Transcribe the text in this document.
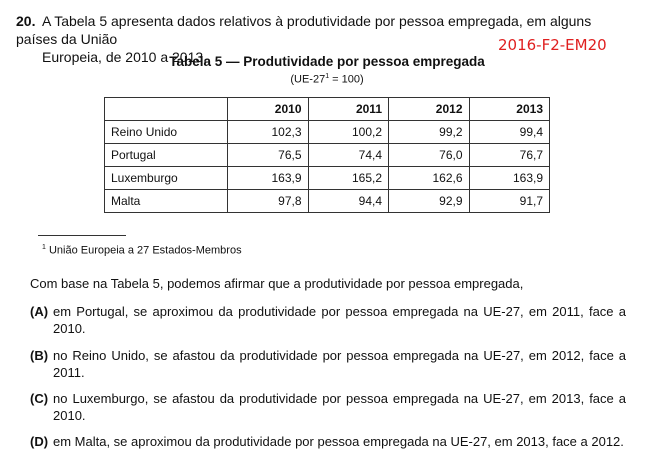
20. A Tabela 5 apresenta dados relativos à produtividade por pessoa empregada, em alguns países da União
Europeia, de 2010 a 2013.
2016-F2-EM20
Tabela 5 — Produtividade por pessoa empregada
$(UE-27^1 = 100)$
	2010	2011	2012	2013
Reino Unido	102,3	100,2	99,2	99,4
Portugal	76,5	74,4	76,0	76,7
Luxemburgo	163,9	165,2	162,6	163,9
Malta	97,8	94,4	92,9	91,7
$^1$ União Europeia a 27 Estados-Membros
Com base na Tabela 5, podemos afirmar que a produtividade por pessoa empregada,
(A) em Portugal, se aproximou da produtividade por pessoa empregada na UE-27, em 2011, face a 2010.
(B) no Reino Unido, se afastou da produtividade por pessoa empregada na UE-27, em 2012, face a 2011.
(C) no Luxemburgo, se afastou da produtividade por pessoa empregada na UE-27, em 2013, face a 2010.
(D) em Malta, se aproximou da produtividade por pessoa empregada na UE-27, em 2013, face a 2012.
